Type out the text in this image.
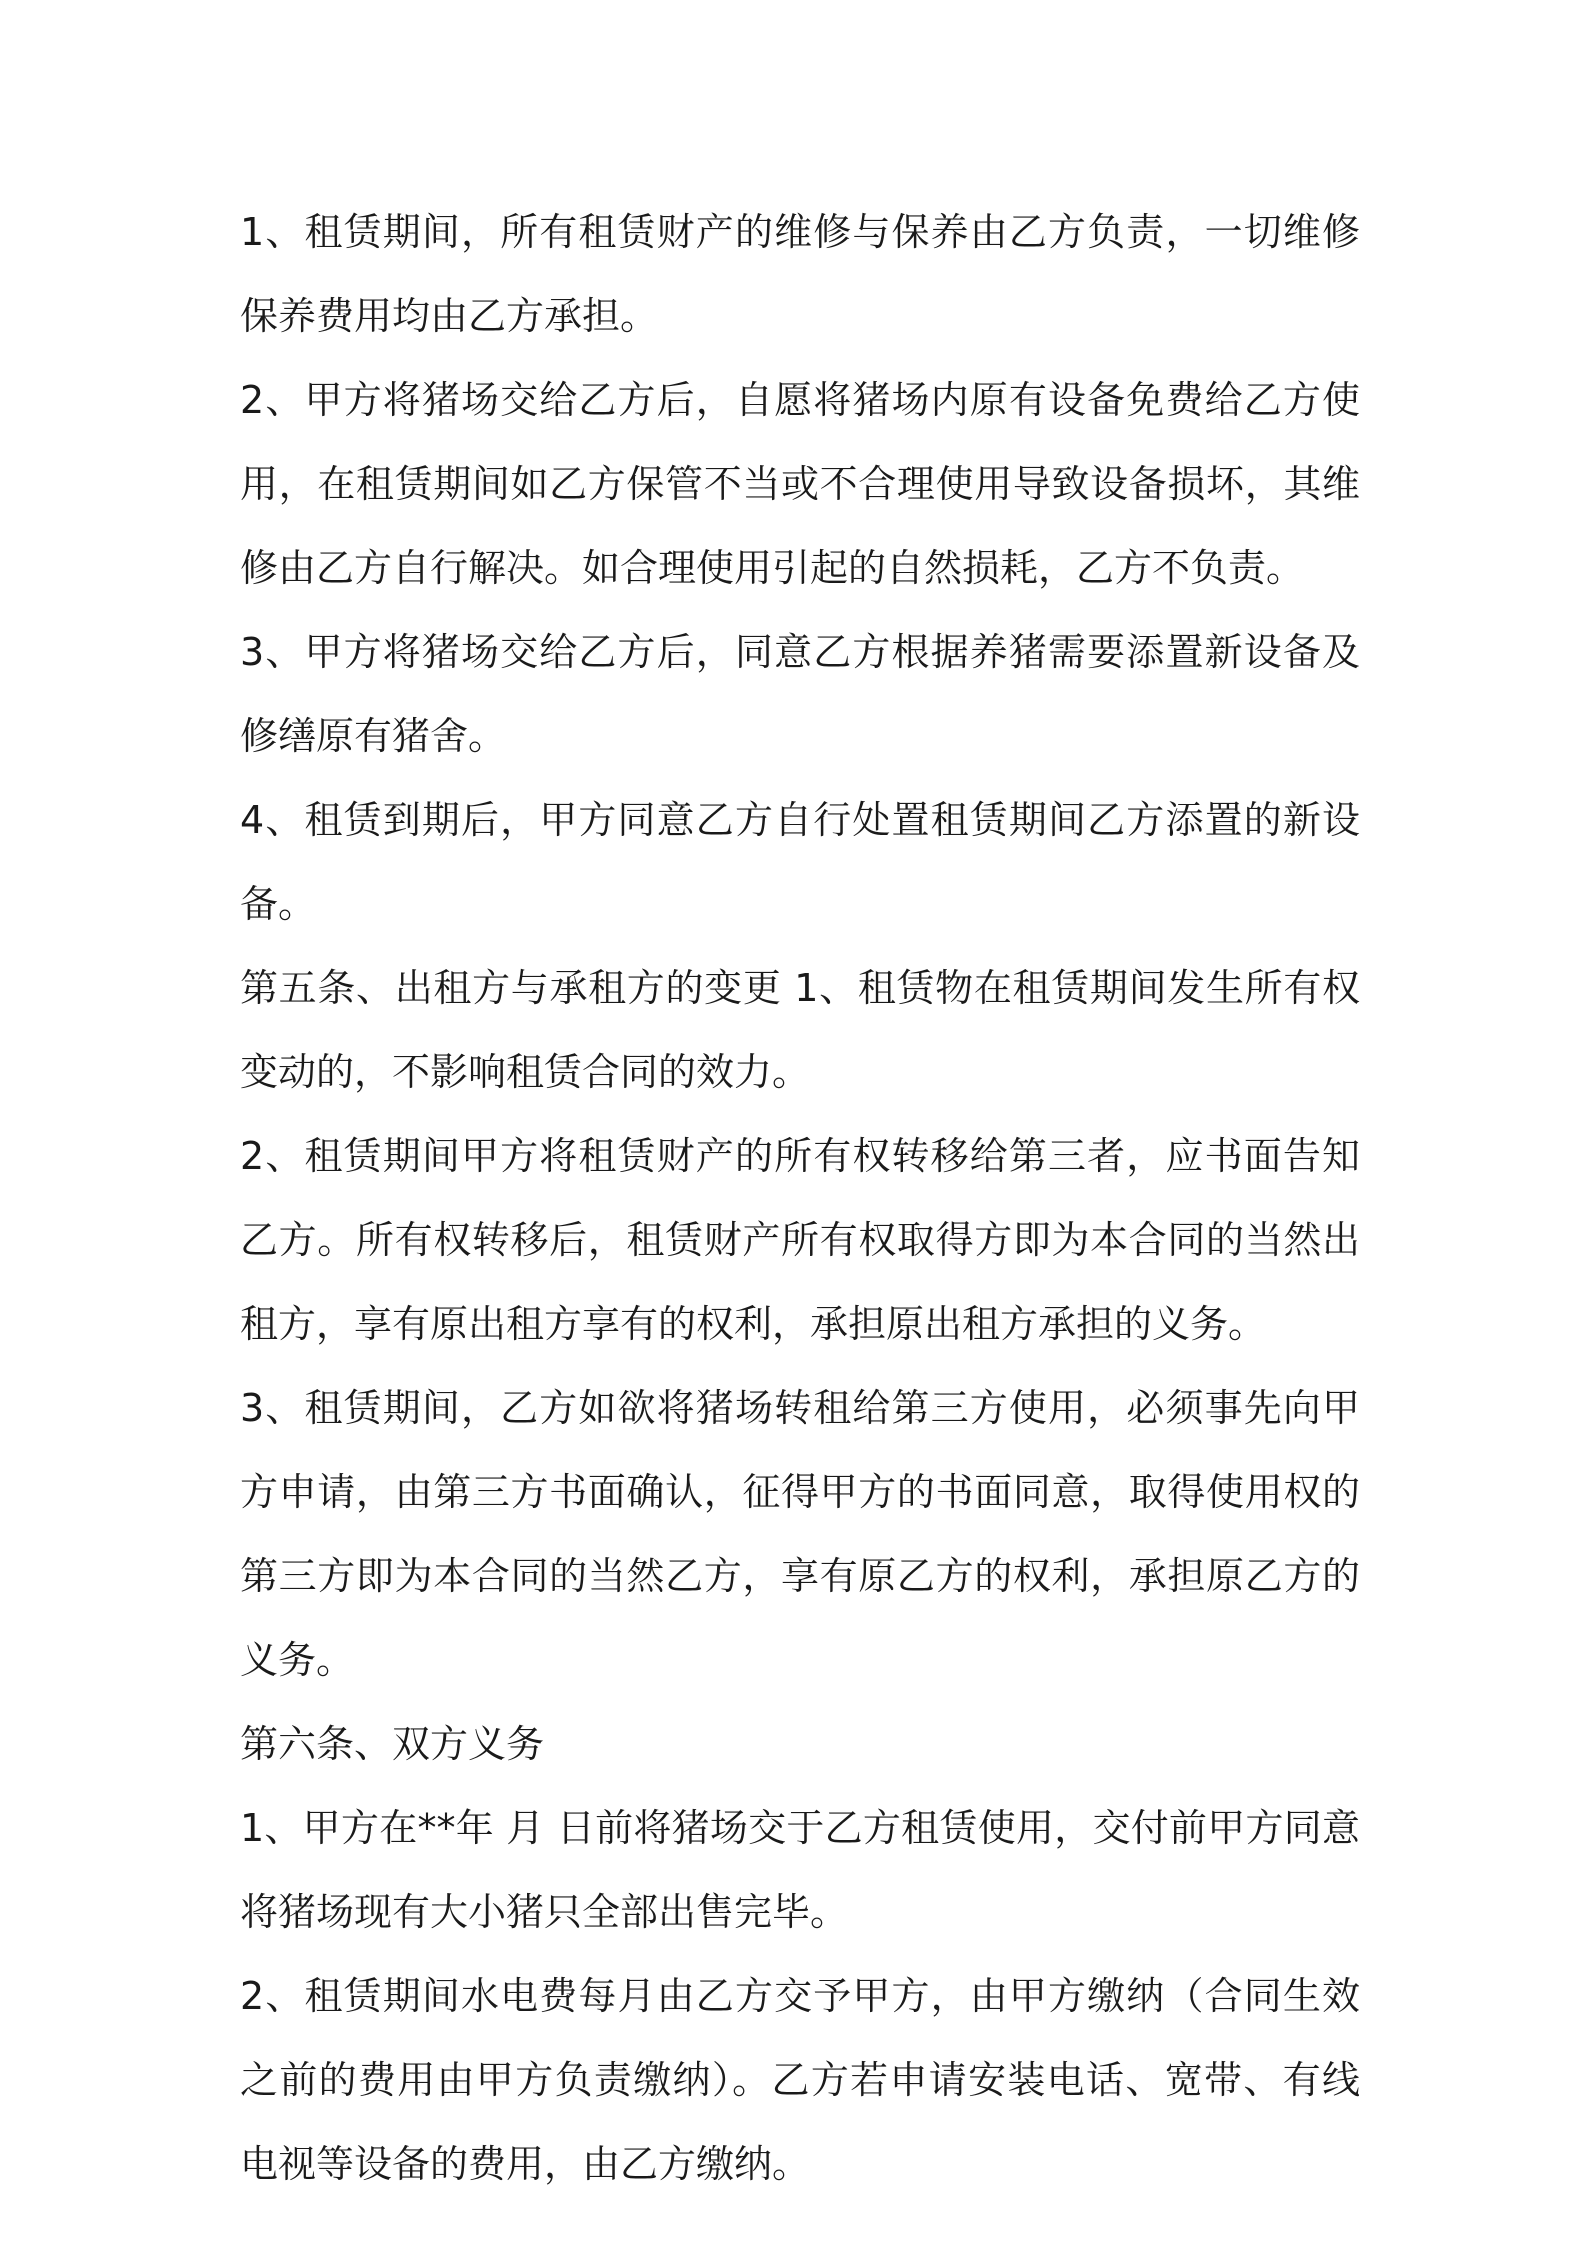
1、租赁期间，所有租赁财产的维修与保养由乙方负责，一切维修保养费用均由乙方承担。

2、甲方将猪场交给乙方后，自愿将猪场内原有设备免费给乙方使用，在租赁期间如乙方保管不当或不合理使用导致设备损坏，其维修由乙方自行解决。如合理使用引起的自然损耗，乙方不负责。

3、甲方将猪场交给乙方后，同意乙方根据养猪需要添置新设备及修缮原有猪舍。

4、租赁到期后，甲方同意乙方自行处置租赁期间乙方添置的新设备。

第五条、出租方与承租方的变更 1、租赁物在租赁期间发生所有权变动的，不影响租赁合同的效力。

2、租赁期间甲方将租赁财产的所有权转移给第三者，应书面告知乙方。所有权转移后，租赁财产所有权取得方即为本合同的当然出租方，享有原出租方享有的权利，承担原出租方承担的义务。

3、租赁期间，乙方如欲将猪场转租给第三方使用，必须事先向甲方申请，由第三方书面确认，征得甲方的书面同意，取得使用权的第三方即为本合同的当然乙方，享有原乙方的权利，承担原乙方的义务。

第六条、双方义务

1、甲方在**年 月 日前将猪场交于乙方租赁使用，交付前甲方同意将猪场现有大小猪只全部出售完毕。

2、租赁期间水电费每月由乙方交予甲方，由甲方缴纳（合同生效之前的费用由甲方负责缴纳）。乙方若申请安装电话、宽带、有线电视等设备的费用，由乙方缴纳。
